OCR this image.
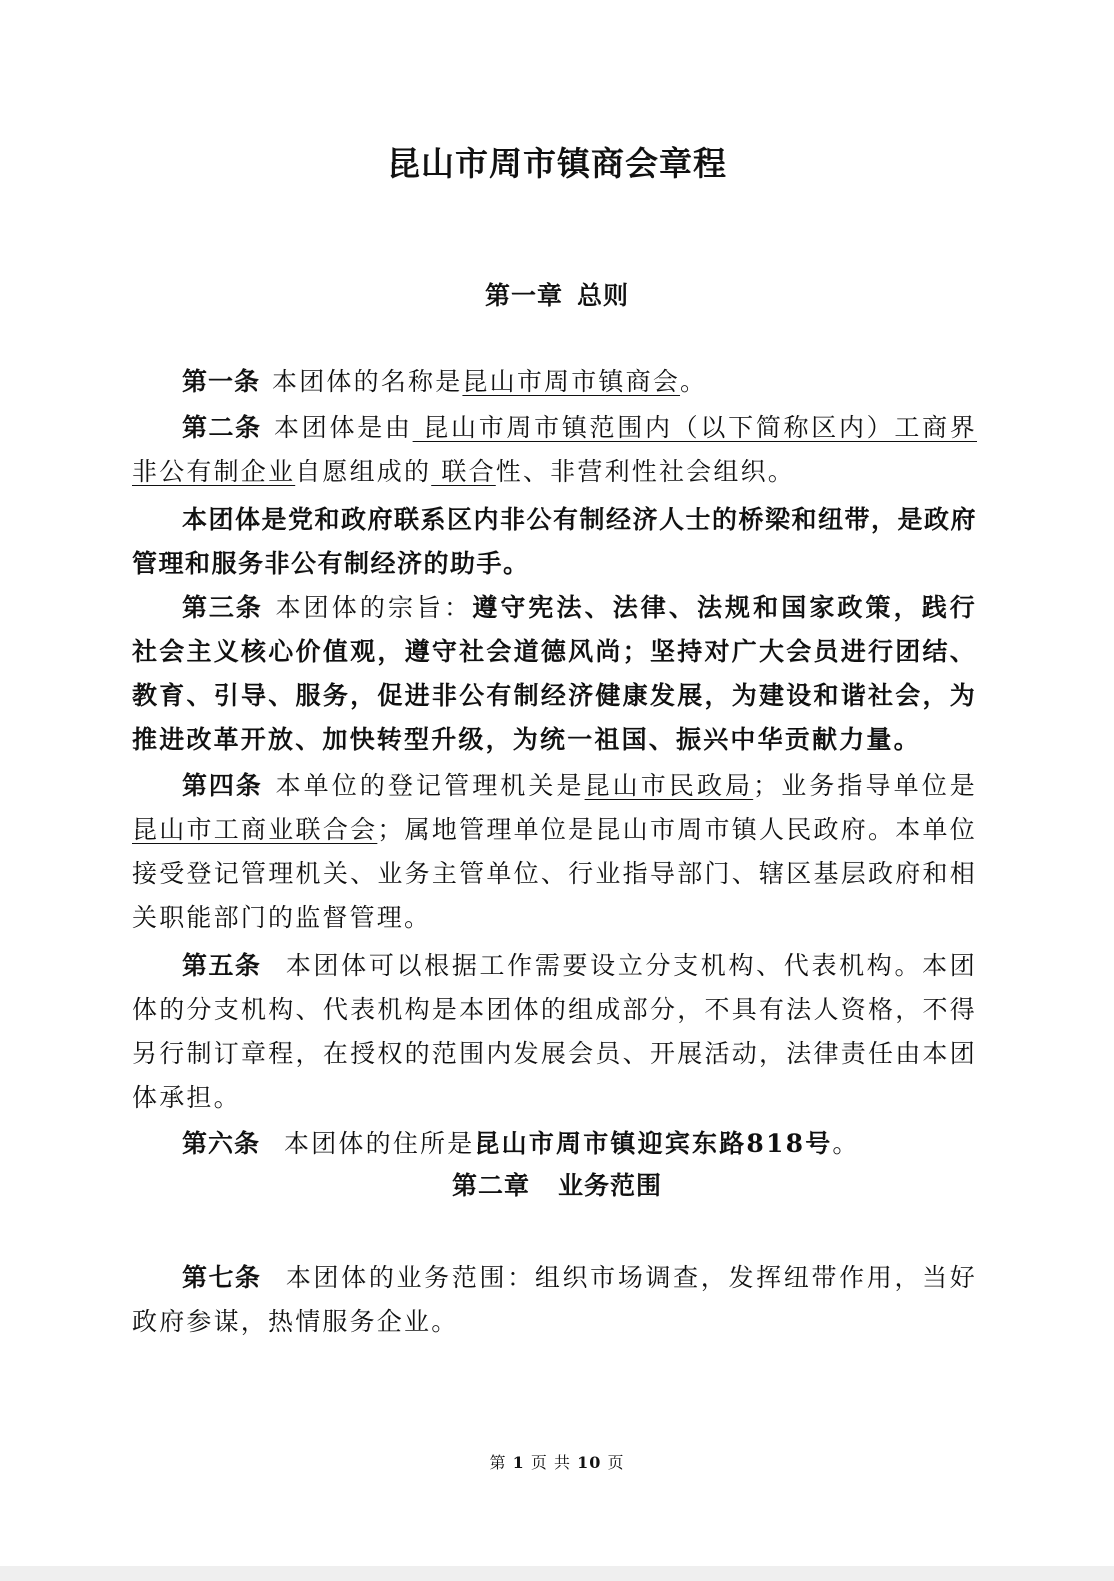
昆山市周市镇商会章程
第一章 总则
第一条 本团体的名称是昆山市周市镇商会。
第二条 本团体是由 昆山市周市镇范围内（以下简称区内）工商界非公有制企业自愿组成的 联合性、非营利性社会组织。
本团体是党和政府联系区内非公有制经济人士的桥梁和纽带，是政府管理和服务非公有制经济的助手。
第三条 本团体的宗旨：遵守宪法、法律、法规和国家政策，践行社会主义核心价值观，遵守社会道德风尚；坚持对广大会员进行团结、教育、引导、服务，促进非公有制经济健康发展，为建设和谐社会，为推进改革开放、加快转型升级，为统一祖国、振兴中华贡献力量。
第四条 本单位的登记管理机关是昆山市民政局；业务指导单位是昆山市工商业联合会；属地管理单位是昆山市周市镇人民政府。本单位接受登记管理机关、业务主管单位、行业指导部门、辖区基层政府和相关职能部门的监督管理。
第五条 本团体可以根据工作需要设立分支机构、代表机构。本团体的分支机构、代表机构是本团体的组成部分，不具有法人资格，不得另行制订章程，在授权的范围内发展会员、开展活动，法律责任由本团体承担。
第六条 本团体的住所是昆山市周市镇迎宾东路818号。
第二章 业务范围
第七条 本团体的业务范围：组织市场调查，发挥纽带作用，当好政府参谋，热情服务企业。
第 1 页 共 10 页
